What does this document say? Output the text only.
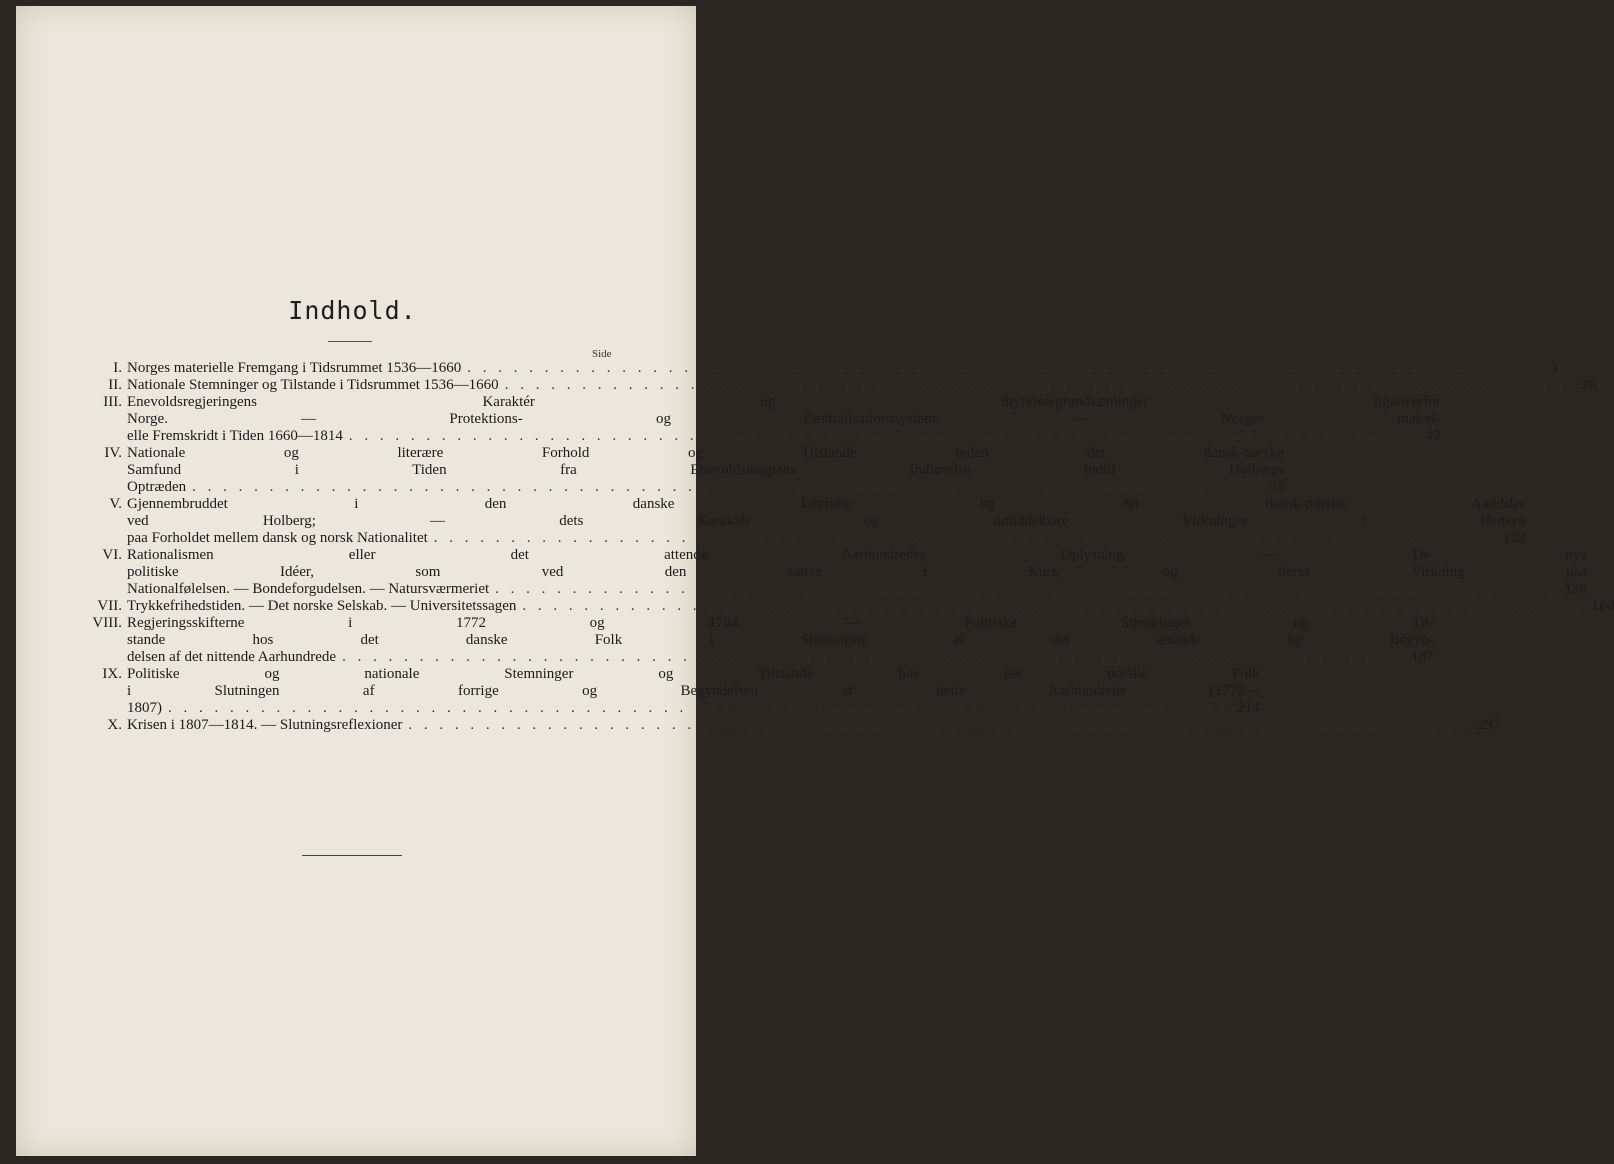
Indhold.
Side
I. Norges materielle Fremgang i Tidsrummet 1536—1660 . . .	1
II. Nationale Stemninger og Tilstande i Tidsrummet 1536—1660 . . .	20
III. Enevoldsregjeringens Karaktér og Styrelsesgrundsætninger ligeoverfor
Norge. — Protektions- og Centralisationssystem. — Norges materi-
elle Fremskridt i Tiden 1660—1814 . . .	47
IV. Nationale og literære Forhold og Tilstande inden det dansk-norske
Samfund i Tiden fra Enevoldsmagtens Indførelse indtil Holbergs
Optræden . . .	93
V. Gjennembruddet i den danske Literatur og det dansk-norske Aandsliv
ved Holberg; — dets Karaktér og umiddelbare Virkninger i Hensyn
paa Forholdet mellem dansk og norsk Nationalitet . . .	123
VI. Rationalismen eller det attende Aarhundredes Oplysning. — De nye
politiske Idéer, som ved den sattes i Kurs, og deres Virkning paa
Nationalfølelsen. — Bondeforgudelsen. — Natursværmeriet . . .	136
VII. Trykkefrihedstiden. — Det norske Selskab. — Universitetssagen . . .	160
VIII. Regjeringsskifterne i 1772 og 1784. — Politiske Stemninger og Til-
stande hos det danske Folk i Slutningen af det attende og Begyn-
delsen af det nittende Aarhundrede . . .	187
IX. Politiske og nationale Stemninger og Tilstande hos det norske Folk
i Slutningen af forrige og Begyndelsen af dette Aarhundrede (1772—
1807) . . .	214
X. Krisen i 1807—1814. — Slutningsreflexioner . . .	297
